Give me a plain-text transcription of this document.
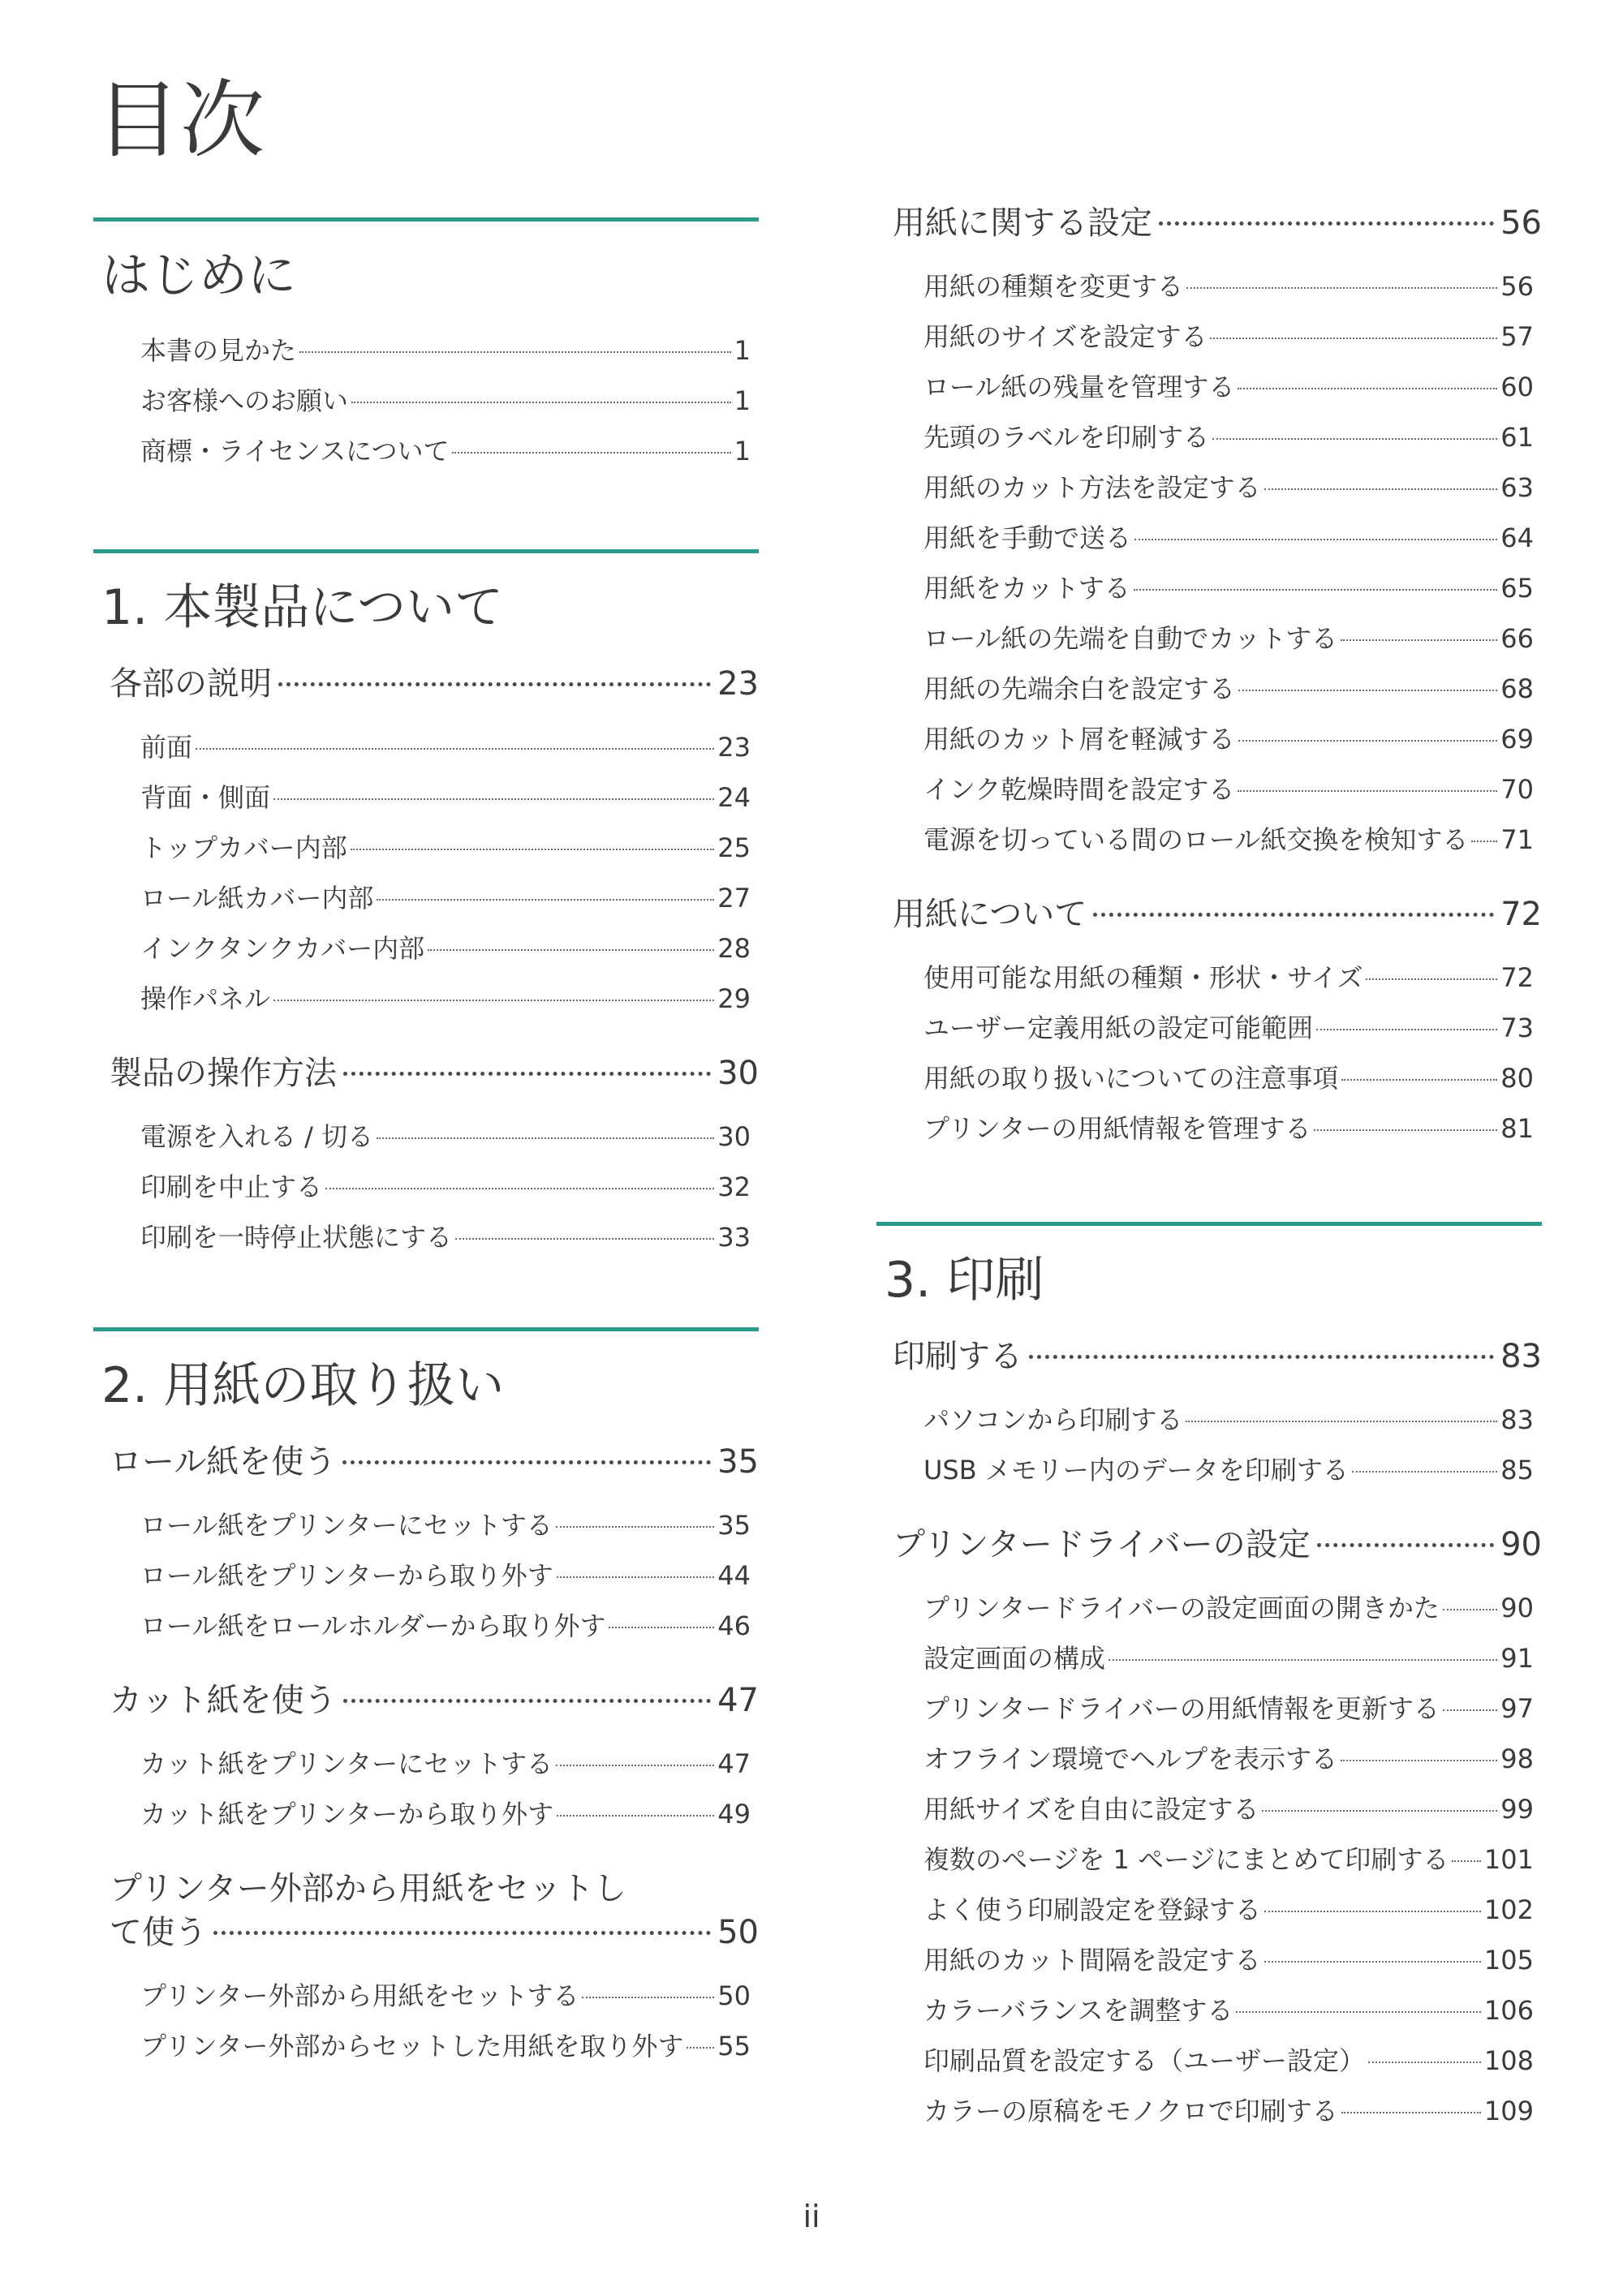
目次
はじめに
本書の見かた	1
お客様へのお願い	1
商標・ライセンスについて	1
1. 本製品について
各部の説明	23
前面	23
背面・側面	24
トップカバー内部	25
ロール紙カバー内部	27
インクタンクカバー内部	28
操作パネル	29
製品の操作方法	30
電源を入れる / 切る	30
印刷を中止する	32
印刷を一時停止状態にする	33
2. 用紙の取り扱い
ロール紙を使う	35
ロール紙をプリンターにセットする	35
ロール紙をプリンターから取り外す	44
ロール紙をロールホルダーから取り外す	46
カット紙を使う	47
カット紙をプリンターにセットする	47
カット紙をプリンターから取り外す	49
プリンター外部から用紙をセットし
て使う	50
プリンター外部から用紙をセットする	50
プリンター外部からセットした用紙を取り外す 55
用紙に関する設定	56
用紙の種類を変更する	56
用紙のサイズを設定する	57
ロール紙の残量を管理する	60
先頭のラベルを印刷する	61
用紙のカット方法を設定する	63
用紙を手動で送る	64
用紙をカットする	65
ロール紙の先端を自動でカットする	66
用紙の先端余白を設定する	68
用紙のカット屑を軽減する	69
インク乾燥時間を設定する	70
電源を切っている間のロール紙交換を検知する 71
用紙について	72
使用可能な用紙の種類・形状・サイズ	72
ユーザー定義用紙の設定可能範囲	73
用紙の取り扱いについての注意事項	80
プリンターの用紙情報を管理する	81
3. 印刷
印刷する	83
パソコンから印刷する	83
USB メモリー内のデータを印刷する	85
プリンタードライバーの設定	90
プリンタードライバーの設定画面の開きかた 90
設定画面の構成	91
プリンタードライバーの用紙情報を更新する 97
オフライン環境でヘルプを表示する	98
用紙サイズを自由に設定する	99
複数のページを 1 ページにまとめて印刷する 101
よく使う印刷設定を登録する	102
用紙のカット間隔を設定する	105
カラーバランスを調整する	106
印刷品質を設定する（ユーザー設定）	108
カラーの原稿をモノクロで印刷する	109
ii
